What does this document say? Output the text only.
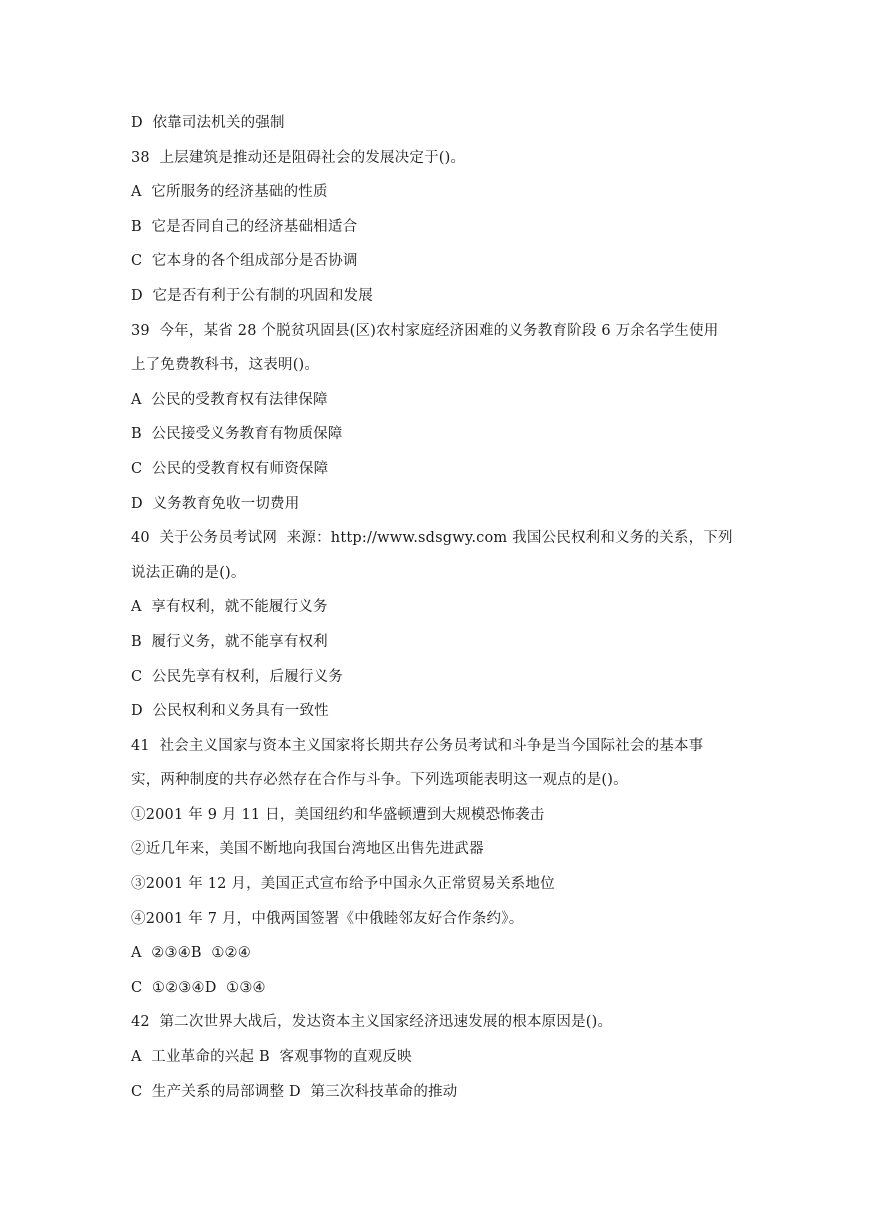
D  依靠司法机关的强制
38  上层建筑是推动还是阻碍社会的发展决定于()。
A  它所服务的经济基础的性质
B  它是否同自己的经济基础相适合
C  它本身的各个组成部分是否协调
D  它是否有利于公有制的巩固和发展
39  今年，某省 28 个脱贫巩固县(区)农村家庭经济困难的义务教育阶段 6 万余名学生使用
上了免费教科书，这表明()。
A  公民的受教育权有法律保障
B  公民接受义务教育有物质保障
C  公民的受教育权有师资保障
D  义务教育免收一切费用
40  关于公务员考试网  来源：http://www.sdsgwy.com 我国公民权利和义务的关系，下列
说法正确的是()。
A  享有权利，就不能履行义务
B  履行义务，就不能享有权利
C  公民先享有权利，后履行义务
D  公民权利和义务具有一致性
41  社会主义国家与资本主义国家将长期共存公务员考试和斗争是当今国际社会的基本事
实，两种制度的共存必然存在合作与斗争。下列选项能表明这一观点的是()。
①2001 年 9 月 11 日，美国纽约和华盛顿遭到大规模恐怖袭击
②近几年来，美国不断地向我国台湾地区出售先进武器
③2001 年 12 月，美国正式宣布给予中国永久正常贸易关系地位
④2001 年 7 月，中俄两国签署《中俄睦邻友好合作条约》。
A  ②③④B  ①②④
C  ①②③④D  ①③④
42  第二次世界大战后，发达资本主义国家经济迅速发展的根本原因是()。
A  工业革命的兴起 B  客观事物的直观反映
C  生产关系的局部调整 D  第三次科技革命的推动
